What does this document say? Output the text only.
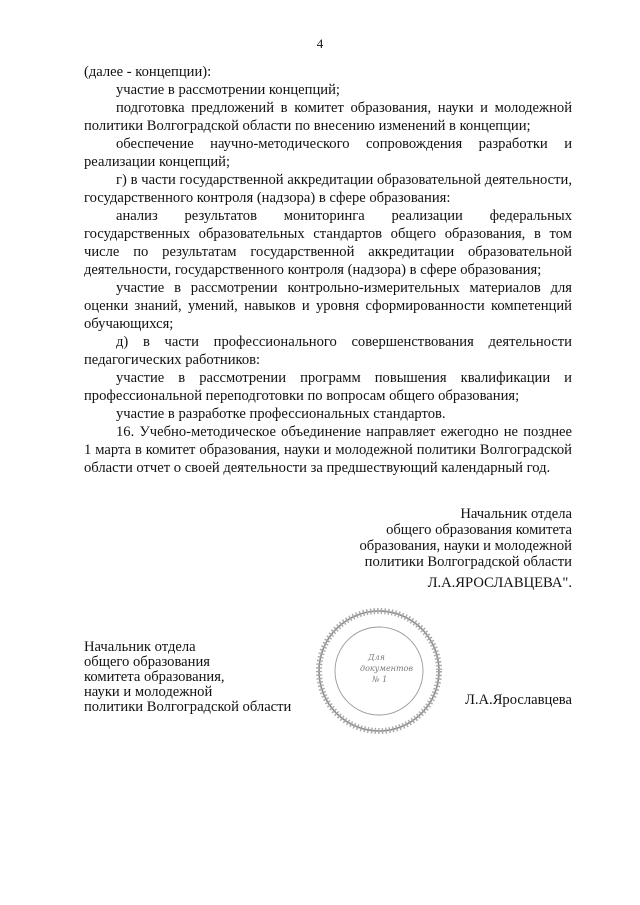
4

(далее - концепции):

участие в рассмотрении концепций;

подготовка предложений в комитет образования, науки и молодежной политики Волгоградской области по внесению изменений в концепции;

обеспечение научно-методического сопровождения разработки и реализации концепций;

г) в части государственной аккредитации образовательной деятельности, государственного контроля (надзора) в сфере образования:

анализ результатов мониторинга реализации федеральных государственных образовательных стандартов общего образования, в том числе по результатам государственной аккредитации образовательной деятельности, государственного контроля (надзора) в сфере образования;

участие в рассмотрении контрольно-измерительных материалов для оценки знаний, умений, навыков и уровня сформированности компетенций обучающихся;

д) в части профессионального совершенствования деятельности педагогических работников:

участие в рассмотрении программ повышения квалификации и профессиональной переподготовки по вопросам общего образования;

участие в разработке профессиональных стандартов.

16. Учебно-методическое объединение направляет ежегодно не позднее 1 марта в комитет образования, науки и молодежной политики Волгоградской области отчет о своей деятельности за предшествующий календарный год.

Начальник отдела
общего образования комитета
образования, науки и молодежной
политики Волгоградской области
Л.А.ЯРОСЛАВЦЕВА".
Начальник отдела
общего образования
комитета образования,
науки и молодежной
политики Волгоградской области	Л.А.Ярославцева
Для
документов
№ 1
